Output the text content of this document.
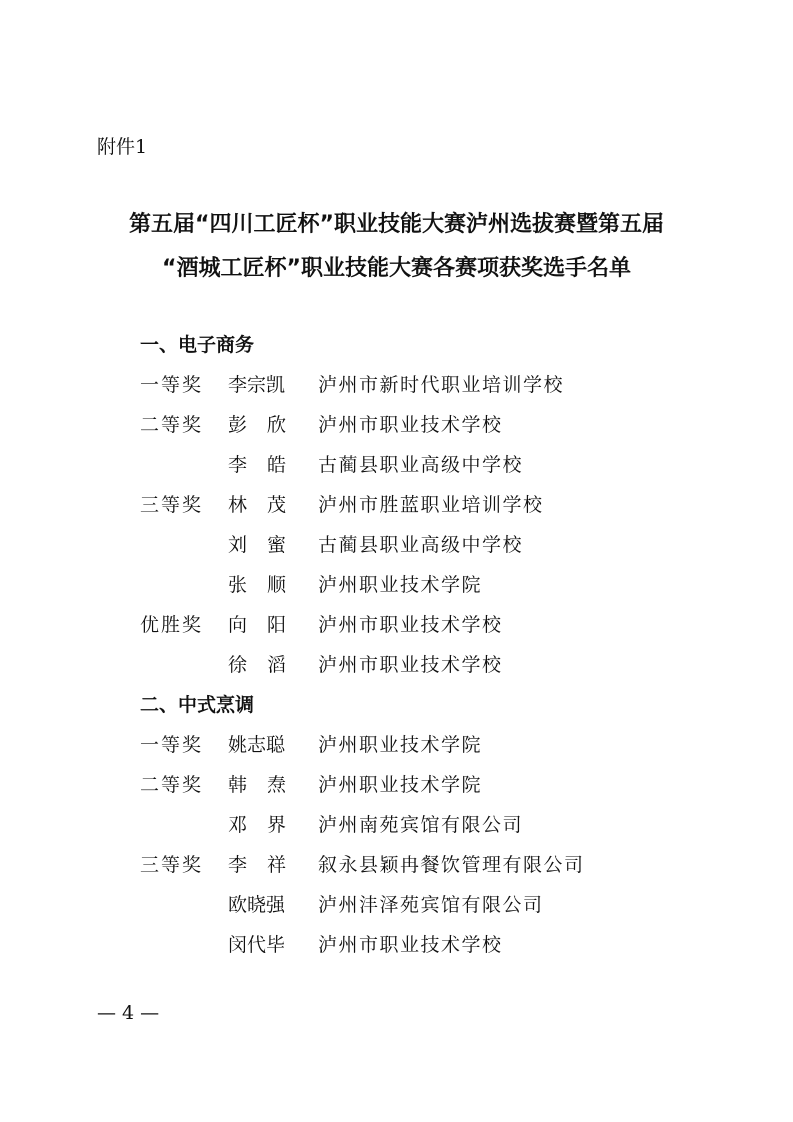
附件1
第五届“四川工匠杯”职业技能大赛泸州选拔赛暨第五届
“酒城工匠杯”职业技能大赛各赛项获奖选手名单
一、电子商务
一等奖	李宗凯	泸州市新时代职业培训学校
二等奖	彭欣 泸州市职业技术学校
李皓 古蔺县职业高级中学校
三等奖	林茂 泸州市胜蓝职业培训学校
刘蜜 古蔺县职业高级中学校
张顺 泸州职业技术学院
优胜奖	向阳 泸州市职业技术学校
徐滔 泸州市职业技术学校
二、中式烹调
一等奖	姚志聪	泸州职业技术学院
二等奖	韩焘 泸州职业技术学院
邓界 泸州南苑宾馆有限公司
三等奖	李祥 叙永县颖冉餐饮管理有限公司
欧晓强	泸州沣泽苑宾馆有限公司
闵代毕	泸州市职业技术学校
— 4 —
